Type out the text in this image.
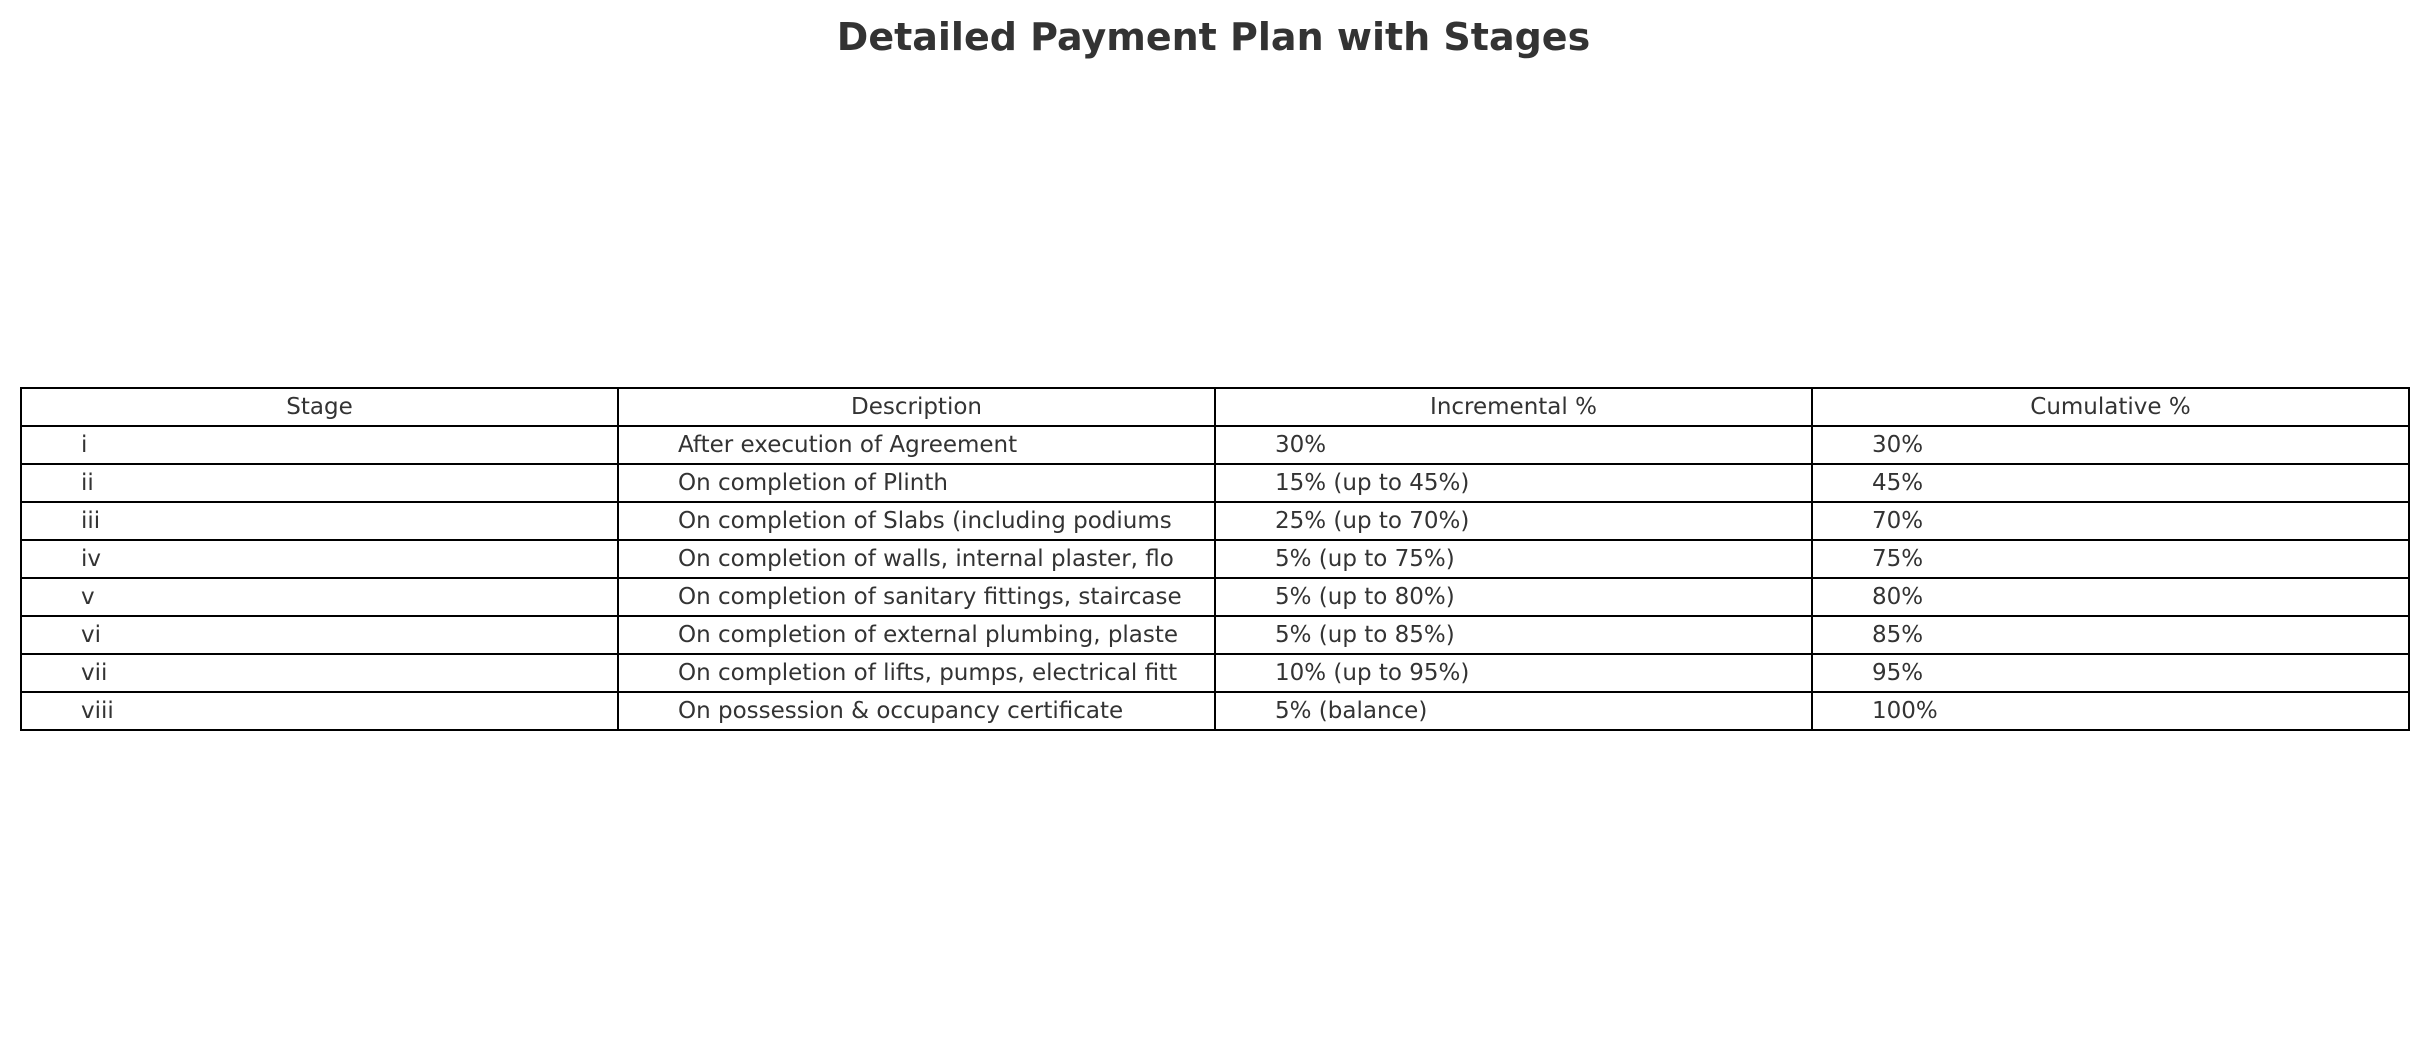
Detailed Payment Plan with Stages
Stage	Description	Incremental %	Cumulative %
i	After execution of Agreement	30%	30%
ii	On completion of Plinth	15% (up to 45%)	45%
iii	On completion of Slabs (including podiums	25% (up to 70%)	70%
iv	On completion of walls, internal plaster, flo	5% (up to 75%)	75%
v	On completion of sanitary fittings, staircase	5% (up to 80%)	80%
vi	On completion of external plumbing, plaste	5% (up to 85%)	85%
vii	On completion of lifts, pumps, electrical fitt	10% (up to 95%)	95%
viii	On possession & occupancy certificate	5% (balance)	100%
